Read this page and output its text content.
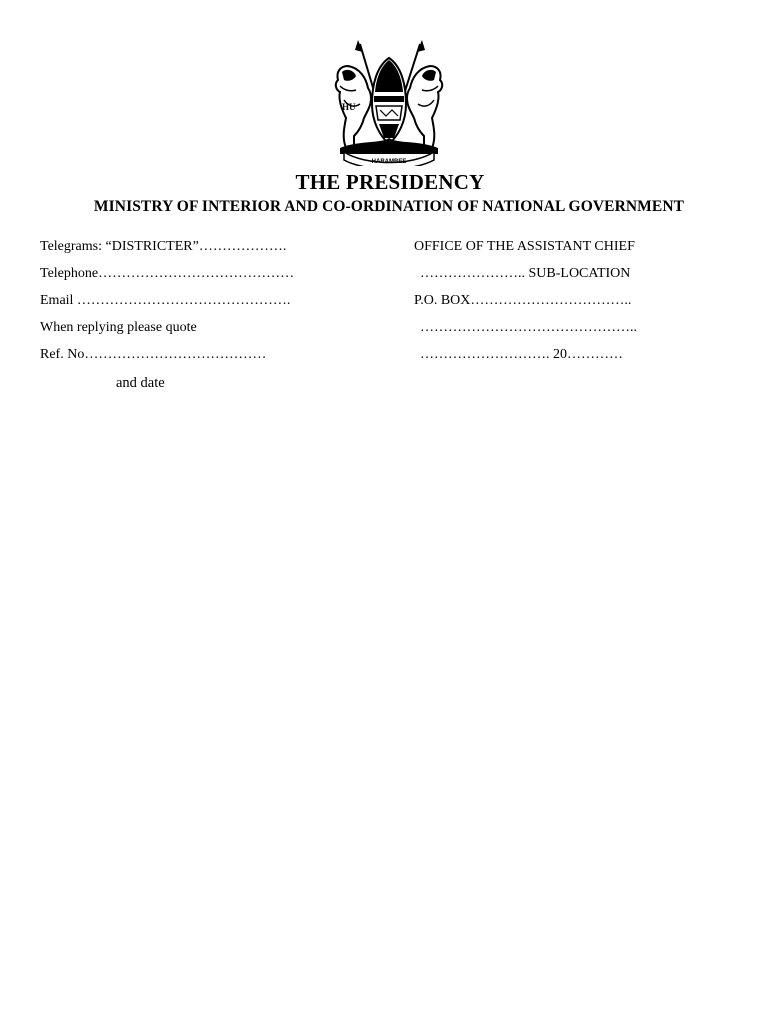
HU
HARAMBEE
THE PRESIDENCY
MINISTRY OF INTERIOR AND CO-ORDINATION OF NATIONAL GOVERNMENT
Telegrams: “DISTRICTER”……………….
Telephone……………………………………
Email ……………………………………….
When replying please quote
Ref. No…………………………………
and date
OFFICE OF THE ASSISTANT CHIEF
………………….. SUB-LOCATION
P.O. BOX……………………………..
………………………………………..
………………………. 20…………
